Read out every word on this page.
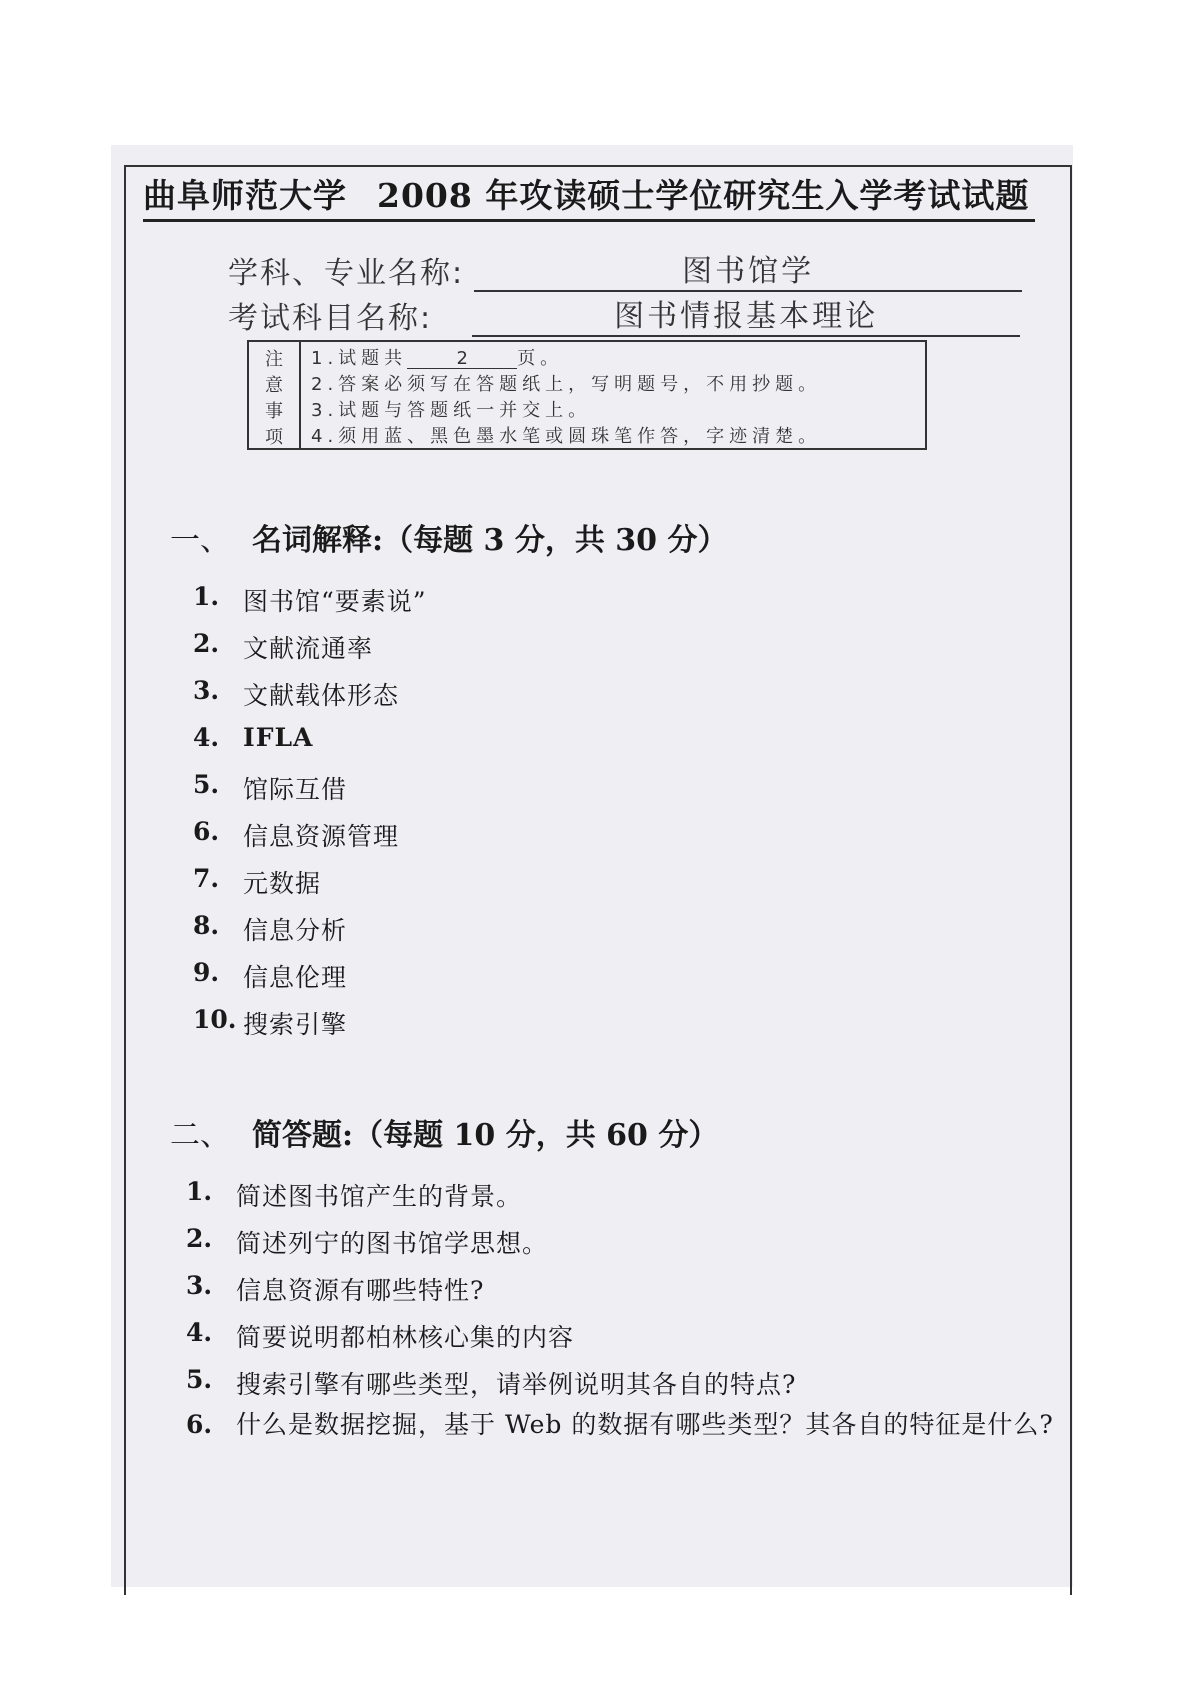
曲阜师范大学 2008 年攻读硕士学位研究生入学考试试题
学科、专业名称:	图书馆学
考试科目名称:	图书情报基本理论
注
意
事
项
1.试题共	2	页。
2.答案必须写在答题纸上，写明题号，不用抄题。
3.试题与答题纸一并交上。
4.须用蓝、黑色墨水笔或圆珠笔作答，字迹清楚。
一、 名词解释:（每题 3 分，共 30 分）
1. 图书馆“要素说”
2. 文献流通率
3. 文献载体形态
4. IFLA
5. 馆际互借
6. 信息资源管理
7. 元数据
8. 信息分析
9. 信息伦理
10. 搜索引擎
二、 简答题:（每题 10 分，共 60 分）
1. 简述图书馆产生的背景。
2. 简述列宁的图书馆学思想。
3. 信息资源有哪些特性?
4. 简要说明都柏林核心集的内容
5. 搜索引擎有哪些类型，请举例说明其各自的特点?
6. 什么是数据挖掘，基于 Web 的数据有哪些类型？其各自的特征是什么?
